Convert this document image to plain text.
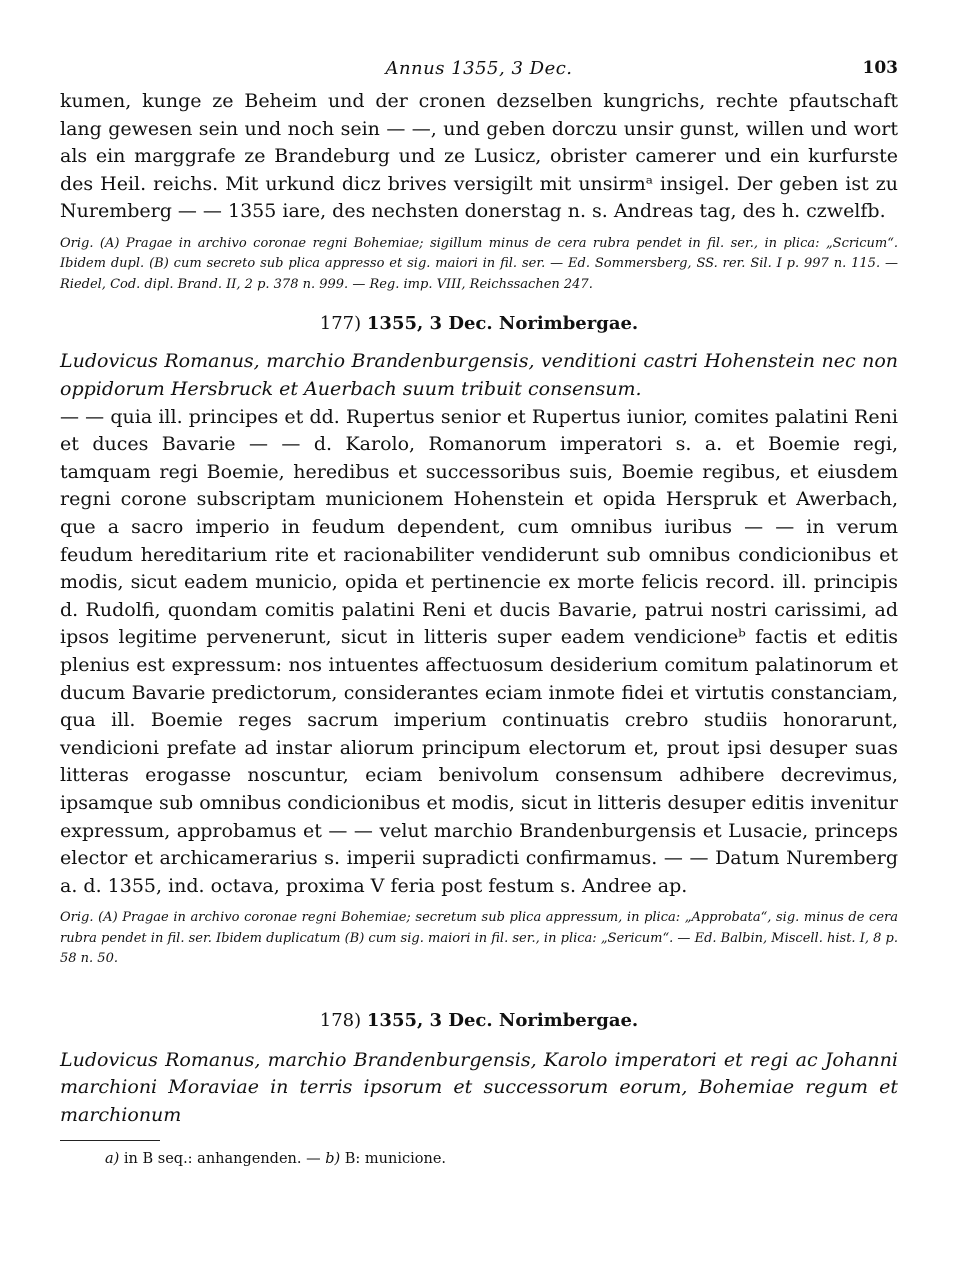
Annus 1355, 3 Dec.	103

kumen, kunge ze Beheim und der cronen dezselben kungrichs, rechte pfautschaft lang gewesen sein und noch sein — —, und geben dorczu unsir gunst, willen und wort als ein marggrafe ze Brandeburg und ze Lusicz, obrister camerer und ein kurfurste des Heil. reichs. Mit urkund dicz brives versigilt mit unsirmᵃ insigel. Der geben ist zu Nuremberg — — 1355 iare, des nechsten donerstag n. s. Andreas tag, des h. czwelfb.

Orig. (A) Pragae in archivo coronae regni Bohemiae; sigillum minus de cera rubra pendet in fil. ser., in plica: „Scricum“. Ibidem dupl. (B) cum secreto sub plica appresso et sig. maiori in fil. ser. — Ed. Sommersberg, SS. rer. Sil. I p. 997 n. 115. — Riedel, Cod. dipl. Brand. II, 2 p. 378 n. 999. — Reg. imp. VIII, Reichssachen 247.

177) 1355, 3 Dec. Norimbergae.

Ludovicus Romanus, marchio Brandenburgensis, venditioni castri Hohenstein nec non oppidorum Hersbruck et Auerbach suum tribuit consensum.

— — quia ill. principes et dd. Rupertus senior et Rupertus iunior, comites palatini Reni et duces Bavarie — — d. Karolo, Romanorum imperatori s. a. et Boemie regi, tamquam regi Boemie, heredibus et successoribus suis, Boemie regibus, et eiusdem regni corone subscriptam municionem Hohenstein et opida Herspruk et Awerbach, que a sacro imperio in feudum dependent, cum omnibus iuribus — — in verum feudum hereditarium rite et racionabiliter vendiderunt sub omnibus condicionibus et modis, sicut eadem municio, opida et pertinencie ex morte felicis record. ill. principis d. Rudolfi, quondam comitis palatini Reni et ducis Bavarie, patrui nostri carissimi, ad ipsos legitime pervenerunt, sicut in litteris super eadem vendicioneᵇ factis et editis plenius est expressum: nos intuentes affectuosum desiderium comitum palatinorum et ducum Bavarie predictorum, considerantes eciam inmote fidei et virtutis constanciam, qua ill. Boemie reges sacrum imperium continuatis crebro studiis honorarunt, vendicioni prefate ad instar aliorum principum electorum et, prout ipsi desuper suas litteras erogasse noscuntur, eciam benivolum consensum adhibere decrevimus, ipsamque sub omnibus condicionibus et modis, sicut in litteris desuper editis invenitur expressum, approbamus et — — velut marchio Brandenburgensis et Lusacie, princeps elector et archicamerarius s. imperii supradicti confirmamus. — — Datum Nuremberg a. d. 1355, ind. octava, proxima V feria post festum s. Andree ap.

Orig. (A) Pragae in archivo coronae regni Bohemiae; secretum sub plica appressum, in plica: „Approbata“, sig. minus de cera rubra pendet in fil. ser. Ibidem duplicatum (B) cum sig. maiori in fil. ser., in plica: „Sericum“. — Ed. Balbin, Miscell. hist. I, 8 p. 58 n. 50.

178) 1355, 3 Dec. Norimbergae.

Ludovicus Romanus, marchio Brandenburgensis, Karolo imperatori et regi ac Johanni marchioni Moraviae in terris ipsorum et successorum eorum, Bohemiae regum et marchionum

a) in B seq.: anhangenden. — b) B: municione.
